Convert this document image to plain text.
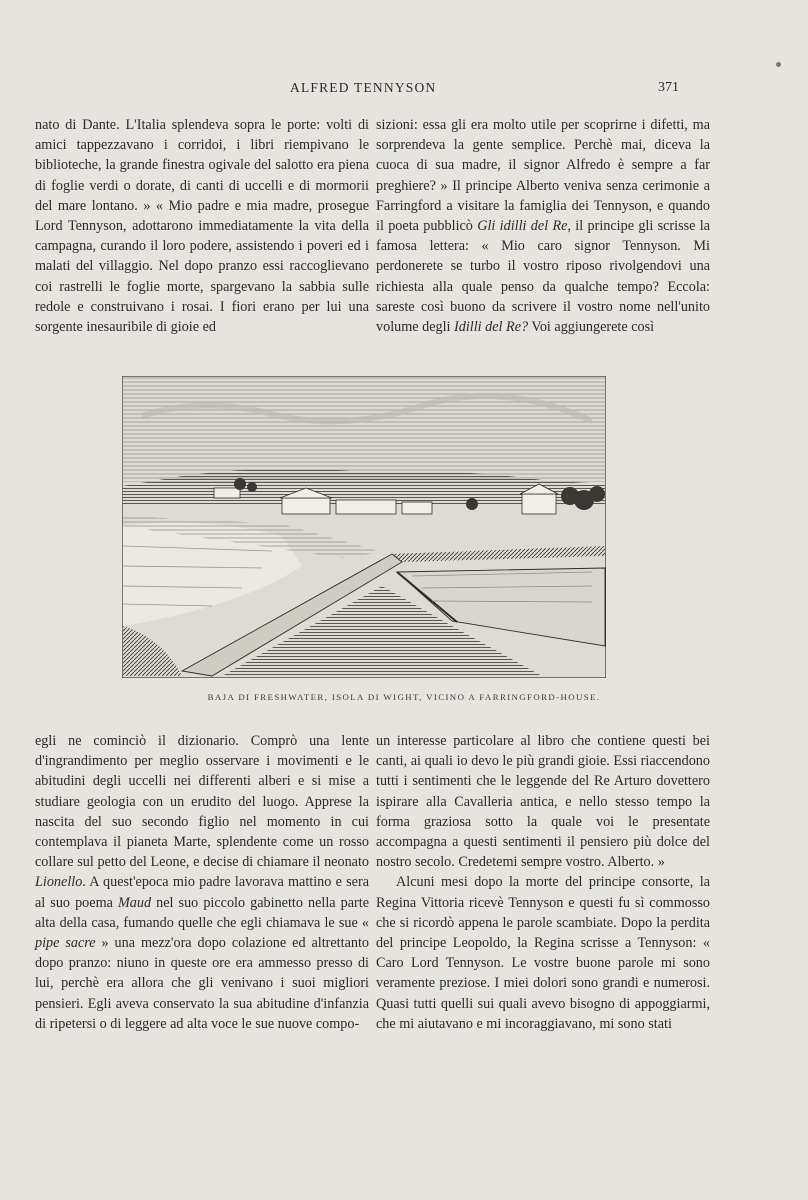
ALFRED TENNYSON	371

nato di Dante. L'Italia splendeva sopra le porte: volti di amici tappezzavano i corridoi, i libri riempivano le biblioteche, la grande finestra ogivale del salotto era piena di foglie verdi o dorate, di canti di uccelli e di mormorii del mare lontano. » « Mio padre e mia madre, prosegue Lord Tennyson, adottarono immediatamente la vita della campagna, curando il loro podere, assistendo i poveri ed i malati del villaggio. Nel dopo pranzo essi raccoglievano coi rastrelli le foglie morte, spargevano la sabbia sulle redole e construivano i rosai. I fiori erano per lui una sorgente inesauribile di gioie ed

sizioni: essa gli era molto utile per scoprirne i difetti, ma sorprendeva la gente semplice. Perchè mai, diceva la cuoca di sua madre, il signor Alfredo è sempre a far preghiere? » Il principe Alberto veniva senza cerimonie a Farringford a visitare la famiglia dei Tennyson, e quando il poeta pubblicò Gli idilli del Re, il principe gli scrisse la famosa lettera: « Mio caro signor Tennyson. Mi perdonerete se turbo il vostro riposo rivolgendovi una richiesta alla quale penso da qualche tempo? Eccola: sareste così buono da scrivere il vostro nome nell'unito volume degli Idilli del Re? Voi aggiungerete così

BAJA DI FRESHWATER, ISOLA DI WIGHT, VICINO A FARRINGFORD-HOUSE.

egli ne cominciò il dizionario. Comprò una lente d'ingrandimento per meglio osservare i movimenti e le abitudini degli uccelli nei differenti alberi e si mise a studiare geologia con un erudito del luogo. Apprese la nascita del suo secondo figlio nel momento in cui contemplava il pianeta Marte, splendente come un rosso collare sul petto del Leone, e decise di chiamare il neonato Lionello. A quest'epoca mio padre lavorava mattino e sera al suo poema Maud nel suo piccolo gabinetto nella parte alta della casa, fumando quelle che egli chiamava le sue « pipe sacre » una mezz'ora dopo colazione ed altrettanto dopo pranzo: niuno in queste ore era ammesso presso di lui, perchè era allora che gli venivano i suoi migliori pensieri. Egli aveva conservato la sua abitudine d'infanzia di ripetersi o di leggere ad alta voce le sue nuove compo-

un interesse particolare al libro che contiene questi bei canti, ai quali io devo le più grandi gioie. Essi riaccendono tutti i sentimenti che le leggende del Re Arturo dovettero ispirare alla Cavalleria antica, e nello stesso tempo la forma graziosa sotto la quale voi le presentate accompagna a questi sentimenti il pensiero più dolce del nostro secolo. Credetemi sempre vostro. Alberto. »

Alcuni mesi dopo la morte del principe consorte, la Regina Vittoria ricevè Tennyson e questi fu sì commosso che si ricordò appena le parole scambiate. Dopo la perdita del principe Leopoldo, la Regina scrisse a Tennyson: « Caro Lord Tennyson. Le vostre buone parole mi sono veramente preziose. I miei dolori sono grandi e numerosi. Quasi tutti quelli sui quali avevo bisogno di appoggiarmi, che mi aiutavano e mi incoraggiavano, mi sono stati
